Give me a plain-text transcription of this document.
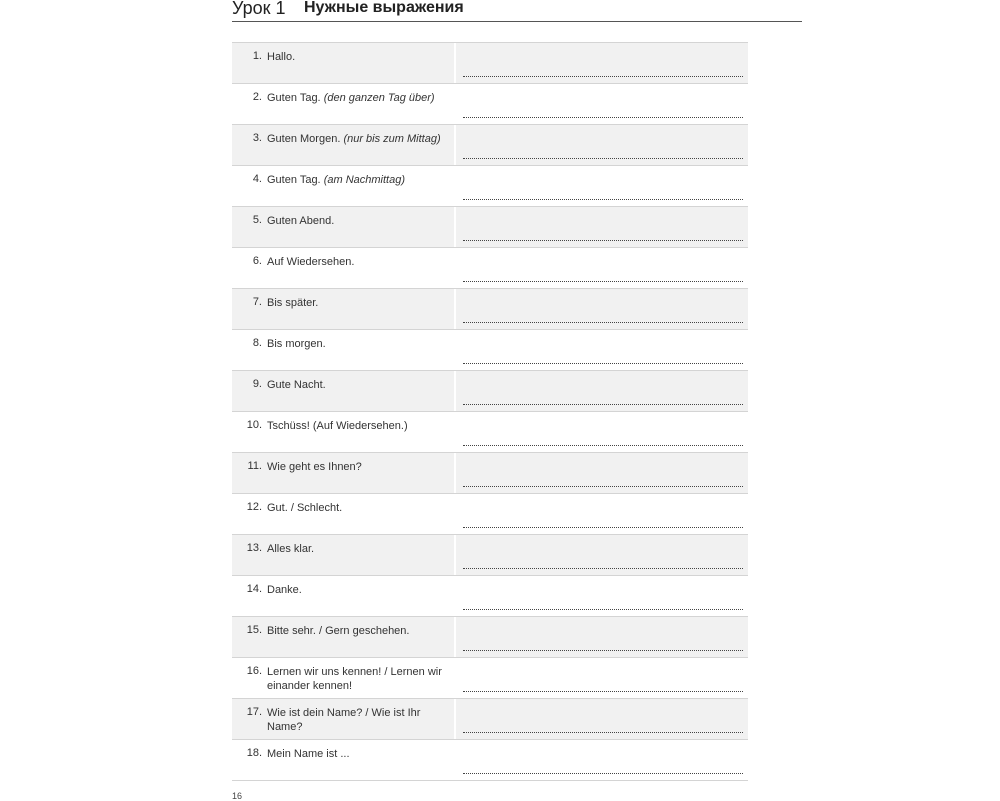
Урок 1 Нужные выражения
1. Hallo.
2. Guten Tag. (den ganzen Tag über)
3. Guten Morgen. (nur bis zum Mittag)
4. Guten Tag. (am Nachmittag)
5. Guten Abend.
6. Auf Wiedersehen.
7. Bis später.
8. Bis morgen.
9. Gute Nacht.
10. Tschüss! (Auf Wiedersehen.)
11. Wie geht es Ihnen?
12. Gut. / Schlecht.
13. Alles klar.
14. Danke.
15. Bitte sehr. / Gern geschehen.
16. Lernen wir uns kennen! / Lernen wir einander kennen!
17. Wie ist dein Name? / Wie ist Ihr Name?
18. Mein Name ist ...
16
